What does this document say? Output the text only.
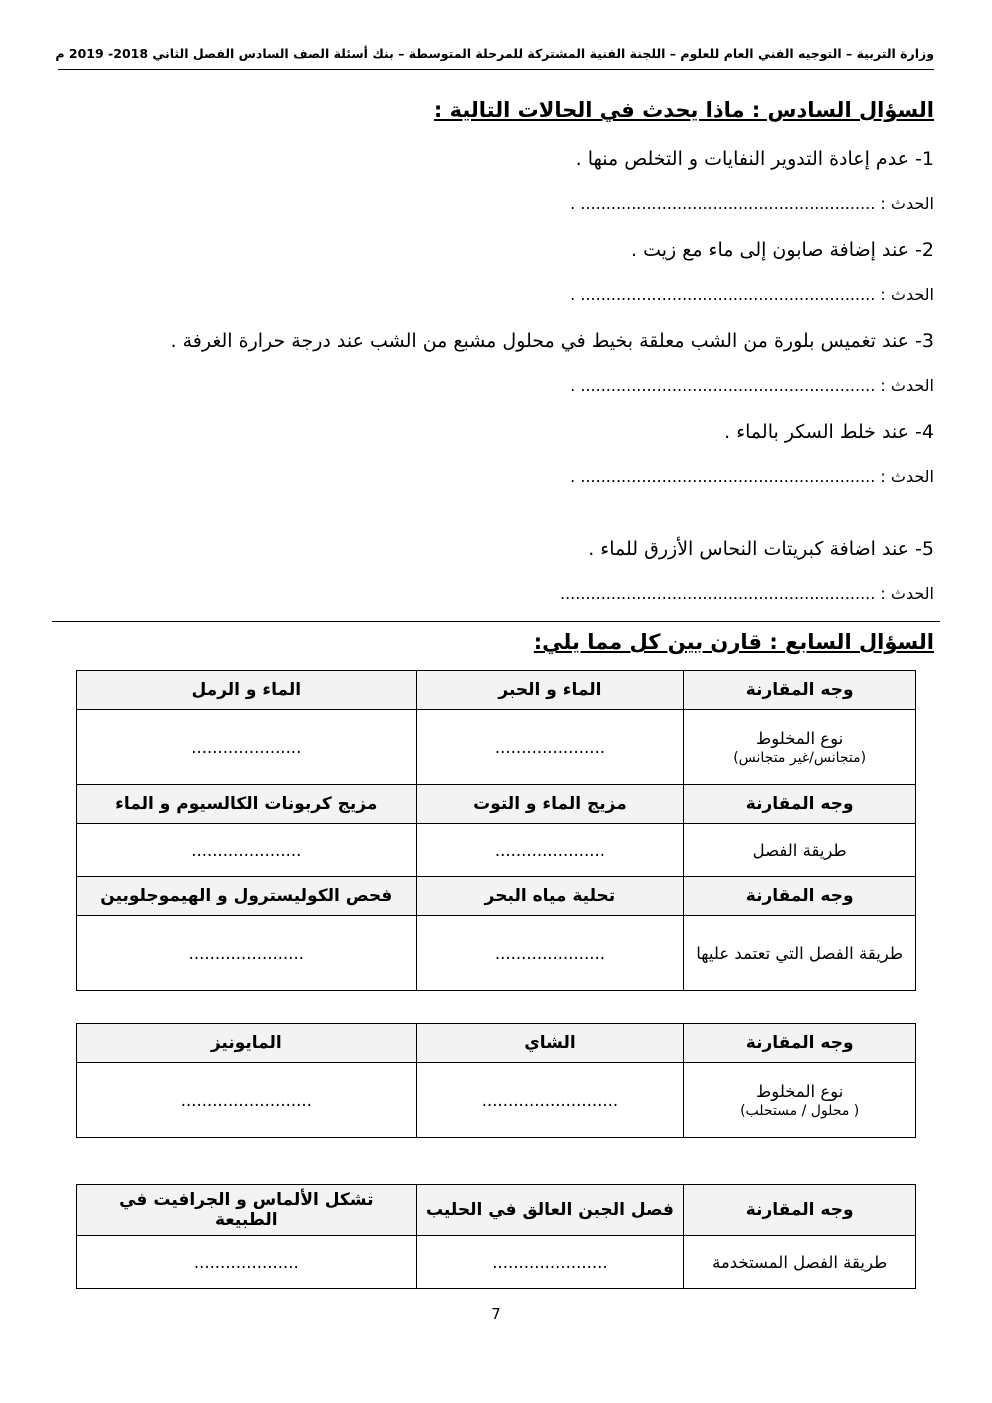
وزارة التربية – التوجيه الفني العام للعلوم – اللجنة الفنية المشتركة للمرحلة المتوسطة – بنك أسئلة الصف السادس الفصل الثاني 2018- 2019 م
السؤال السادس : ماذا يحدث في الحالات التالية :
1- عدم إعادة التدوير النفايات و التخلص منها .
الحدث : .......................................................... .
2- عند إضافة صابون إلى ماء مع زيت .
الحدث : .......................................................... .
3- عند تغميس بلورة من الشب معلقة بخيط في محلول مشبع من الشب عند درجة حرارة الغرفة .
الحدث : .......................................................... .
4- عند خلط السكر بالماء .
الحدث : .......................................................... .
5- عند اضافة كبريتات النحاس الأزرق للماء .
الحدث : ..............................................................
السؤال السابع : قارن بين كل مما يلي:
وجه المقارنة	الماء و الحبر	الماء و الرمل

نوع المخلوط
(متجانس/غير متجانس)	.....................	.....................
وجه المقارنة	مزيج الماء و التوت	مزيج كربونات الكالسيوم و الماء
طريقة الفصل	.....................	.....................
وجه المقارنة	تحلية مياه البحر	فحص الكوليسترول و الهيموجلوبين
طريقة الفصل التي تعتمد عليها	.....................	......................
وجه المقارنة	الشاي	المايونيز

نوع المخلوط
( محلول / مستحلب)	..........................	.........................
وجه المقارنة	فصل الجبن العالق في الحليب	تشكل الألماس و الجرافيت في الطبيعة
طريقة الفصل المستخدمة	......................	....................
7
